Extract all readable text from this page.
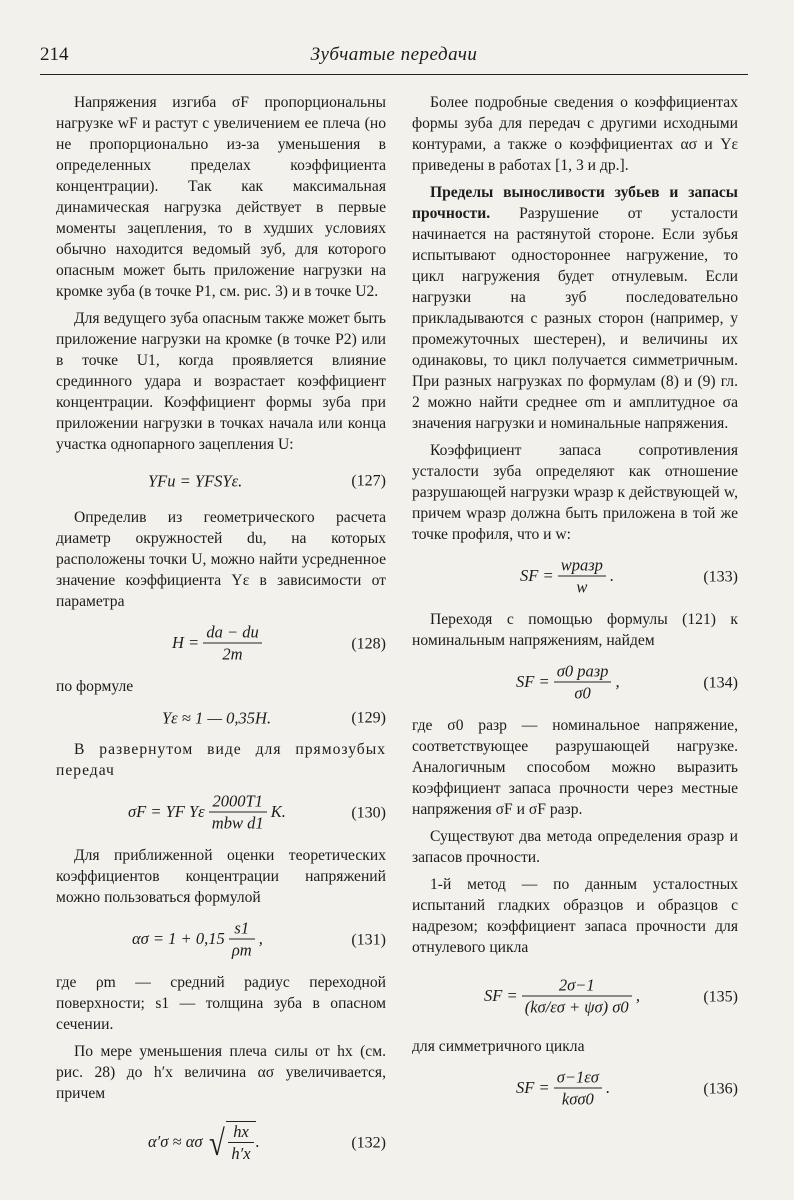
214	Зубчатые передачи

Напряжения изгиба σF пропорциональны нагрузке wF и растут с увеличением ее плеча (но не пропорционально из-за уменьшения в определенных пределах коэффициента концентрации). Так как максимальная динамическая нагрузка действует в первые моменты зацепления, то в худших условиях обычно находится ведомый зуб, для которого опасным может быть приложение нагрузки на кромке зуба (в точке P1, см. рис. 3) и в точке U2.

Для ведущего зуба опасным также может быть приложение нагрузки на кромке (в точке P2) или в точке U1, когда проявляется влияние срединного удара и возрастает коэффициент концентрации. Коэффициент формы зуба при приложении нагрузки в точках начала или конца участка однопарного зацепления U:

YFu = YFSYε.	(127)

Определив из геометрического расчета диаметр окружностей du, на которых расположены точки U, можно найти усредненное значение коэффициента Yε в зависимости от параметра

$H = \frac{da - du}{2m}$	(128)

по формуле

Yε ≈ 1 — 0,35H.	(129)

В развернутом виде для прямозубых передач

σF = YF Yε $\frac{2000T1}{\text{mbw d1}} K$.	(130)

Для приближенной оценки теоретических коэффициентов концентрации напряжений можно пользоваться формулой

$\alpha\sigma = 1 + 0,15 \frac{s1}{\rho m}$ ,	(131)

где ρm — средний радиус переходной поверхности; s1 — толщина зуба в опасном сечении.

По мере уменьшения плеча силы от hx (см. рис. 28) до h′x величина ασ увеличивается, причем

α′σ ≈ ασ √ $\frac{hx}{h'x}$ .	(132)

Более подробные сведения о коэффициентах формы зуба для передач с другими исходными контурами, а также о коэффициентах ασ и Yε приведены в работах [1, 3 и др.].

Пределы выносливости зубьев и запасы прочности. Разрушение от усталости начинается на растянутой стороне. Если зубья испытывают одностороннее нагружение, то цикл нагружения будет отнулевым. Если нагрузки на зуб последовательно прикладываются с разных сторон (например, у промежуточных шестерен), и величины их одинаковы, то цикл получается симметричным. При разных нагрузках по формулам (8) и (9) гл. 2 можно найти среднее σm и амплитудное σa значения нагрузки и номинальные напряжения.

Коэффициент запаса сопротивления усталости зуба определяют как отношение разрушающей нагрузки wразр к действующей w, причем wразр должна быть приложена в той же точке профиля, что и w:

SF = $\frac{\text{wразр}}{w}$ .	(133)

Переходя с помощью формулы (121) к номинальным напряжениям, найдем

SF = $\frac{\text{σ0 разр}}{\sigma 0}$ ,	(134)

где σ0 разр — номинальное напряжение, соответствующее разрушающей нагрузке. Аналогичным способом можно выразить коэффициент запаса прочности через местные напряжения σF и σF разр.

Существуют два метода определения σразр и запасов прочности.

1-й метод — по данным усталостных испытаний гладких образцов и образцов с надрезом; коэффициент запаса прочности для отнулевого цикла

SF = $\frac{2\sigma-1}{(k\sigma/\varepsilon\sigma + \psi\sigma) \sigma 0}$ ,	(135)

для симметричного цикла

SF = $\frac{\sigma-1\varepsilon\sigma}{\text{kσσ0}}$ .	(136)
